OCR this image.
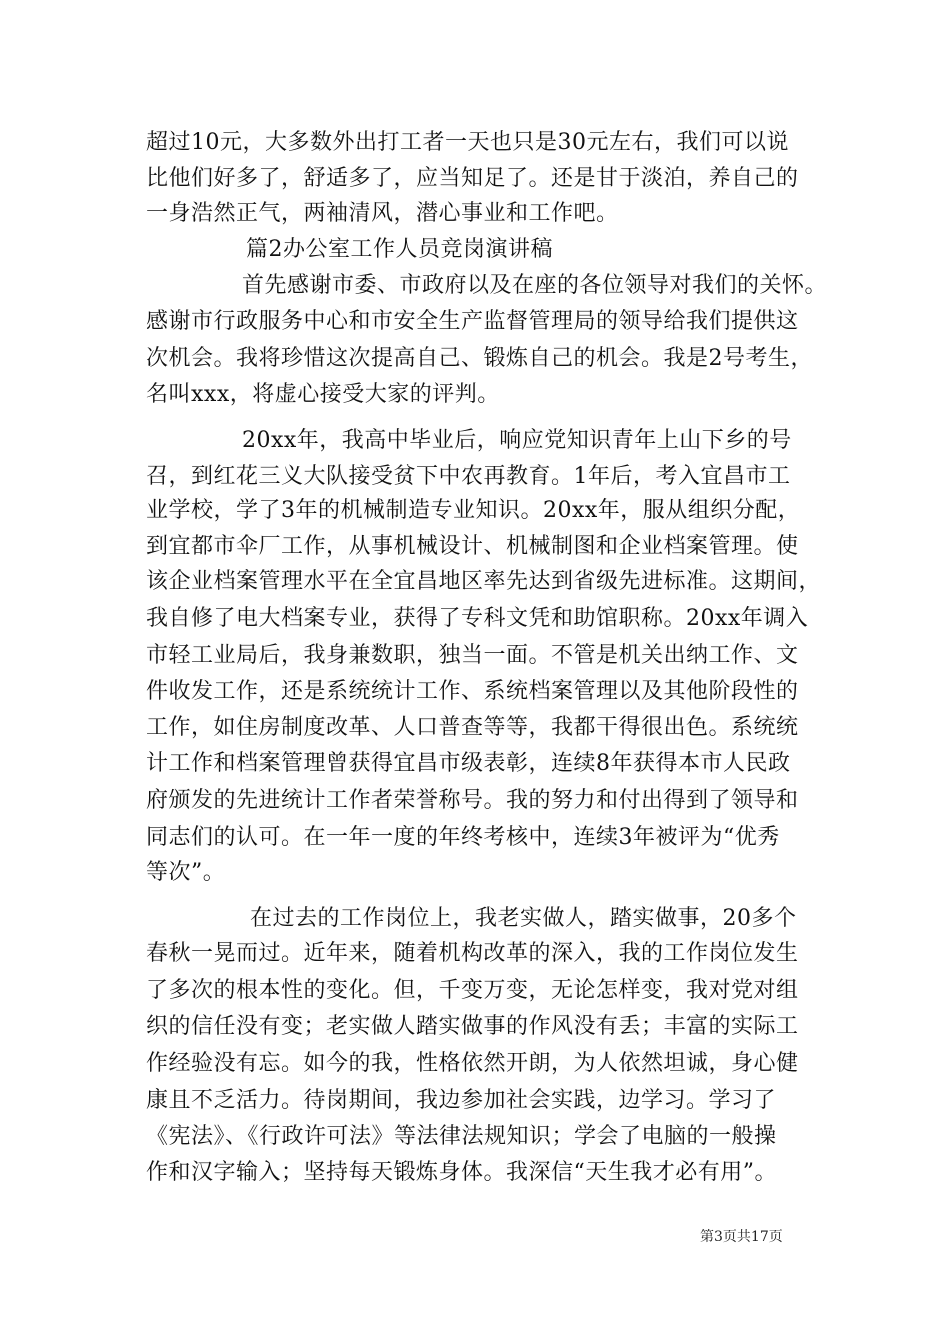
超过10元，大多数外出打工者一天也只是30元左右，我们可以说
比他们好多了，舒适多了，应当知足了。还是甘于淡泊，养自己的
一身浩然正气，两袖清风，潜心事业和工作吧。
篇2办公室工作人员竞岗演讲稿
首先感谢市委、市政府以及在座的各位领导对我们的关怀。
感谢市行政服务中心和市安全生产监督管理局的领导给我们提供这
次机会。我将珍惜这次提高自己、锻炼自己的机会。我是2号考生，
名叫xxx，将虚心接受大家的评判。
20xx年，我高中毕业后，响应党知识青年上山下乡的号
召，到红花三义大队接受贫下中农再教育。1年后，考入宜昌市工
业学校，学了3年的机械制造专业知识。20xx年，服从组织分配，
到宜都市伞厂工作，从事机械设计、机械制图和企业档案管理。使
该企业档案管理水平在全宜昌地区率先达到省级先进标准。这期间，
我自修了电大档案专业，获得了专科文凭和助馆职称。20xx年调入
市轻工业局后，我身兼数职，独当一面。不管是机关出纳工作、文
件收发工作，还是系统统计工作、系统档案管理以及其他阶段性的
工作，如住房制度改革、人口普查等等，我都干得很出色。系统统
计工作和档案管理曾获得宜昌市级表彰，连续8年获得本市人民政
府颁发的先进统计工作者荣誉称号。我的努力和付出得到了领导和
同志们的认可。在一年一度的年终考核中，连续3年被评为“优秀
等次”。
在过去的工作岗位上，我老实做人，踏实做事，20多个
春秋一晃而过。近年来，随着机构改革的深入，我的工作岗位发生
了多次的根本性的变化。但，千变万变，无论怎样变，我对党对组
织的信任没有变；老实做人踏实做事的作风没有丢；丰富的实际工
作经验没有忘。如今的我，性格依然开朗，为人依然坦诚，身心健
康且不乏活力。待岗期间，我边参加社会实践，边学习。学习了
《宪法》、《行政许可法》等法律法规知识；学会了电脑的一般操
作和汉字输入；坚持每天锻炼身体。我深信“天生我才必有用”。
第3页共17页
